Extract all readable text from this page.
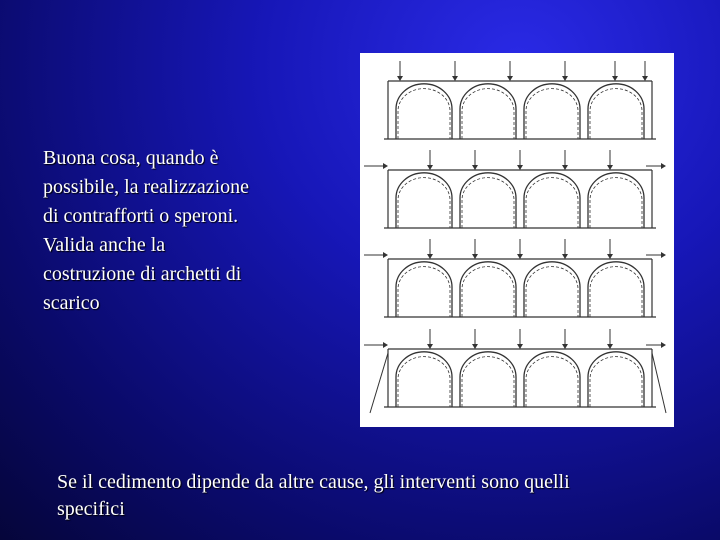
Buona cosa, quando è
possibile, la realizzazione
di contrafforti o speroni.
Valida anche la
costruzione di archetti di
scarico
Se il cedimento dipende da altre cause, gli interventi sono quelli
specifici
